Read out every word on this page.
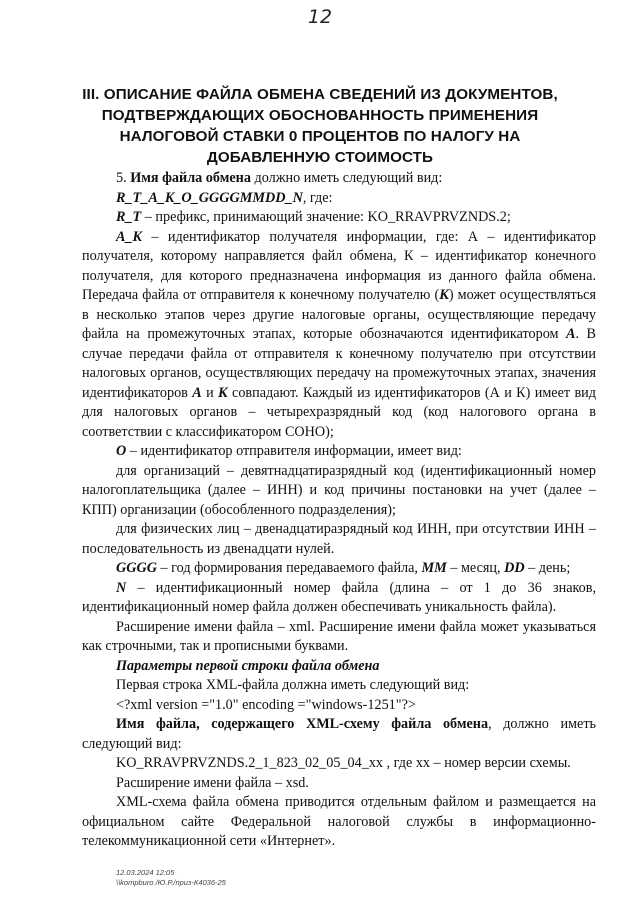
12
III. ОПИСАНИЕ ФАЙЛА ОБМЕНА СВЕДЕНИЙ ИЗ ДОКУМЕНТОВ,
ПОДТВЕРЖДАЮЩИХ ОБОСНОВАННОСТЬ ПРИМЕНЕНИЯ
НАЛОГОВОЙ СТАВКИ 0 ПРОЦЕНТОВ ПО НАЛОГУ НА
ДОБАВЛЕННУЮ СТОИМОСТЬ
5. Имя файла обмена должно иметь следующий вид:
R_T_A_K_O_GGGGMMDD_N, где:
R_T – префикс, принимающий значение: KO_RRAVPRVZNDS.2;
A_K – идентификатор получателя информации, где: А – идентификатор получателя, которому направляется файл обмена, К – идентификатор конечного получателя, для которого предназначена информация из данного файла обмена. Передача файла от отправителя к конечному получателю (К) может осуществляться в несколько этапов через другие налоговые органы, осуществляющие передачу файла на промежуточных этапах, которые обозначаются идентификатором А. В случае передачи файла от отправителя к конечному получателю при отсутствии налоговых органов, осуществляющих передачу на промежуточных этапах, значения идентификаторов А и К совпадают. Каждый из идентификаторов (А и К) имеет вид для налоговых органов – четырехразрядный код (код налогового органа в соответствии с классификатором СОНО);
O – идентификатор отправителя информации, имеет вид:
для организаций – девятнадцатиразрядный код (идентификационный номер налогоплательщика (далее – ИНН) и код причины постановки на учет (далее – КПП) организации (обособленного подразделения);
для физических лиц – двенадцатиразрядный код ИНН, при отсутствии ИНН – последовательность из двенадцати нулей.
GGGG – год формирования передаваемого файла, MM – месяц, DD – день;
N – идентификационный номер файла (длина – от 1 до 36 знаков, идентификационный номер файла должен обеспечивать уникальность файла).
Расширение имени файла – xml. Расширение имени файла может указываться как строчными, так и прописными буквами.
Параметры первой строки файла обмена
Первая строка XML-файла должна иметь следующий вид:
<?xml version ="1.0" encoding ="windows-1251"?>
Имя файла, содержащего XML-схему файла обмена, должно иметь следующий вид:
KO_RRAVPRVZNDS.2_1_823_02_05_04_xx , где хх – номер версии схемы.
Расширение имени файла – xsd.
XML-схема файла обмена приводится отдельным файлом и размещается на официальном сайте Федеральной налоговой службы в информационно-телекоммуникационной сети «Интернет».
12.03.2024 12:05
\\kompburo /Ю.Р./приз-К4036-25
